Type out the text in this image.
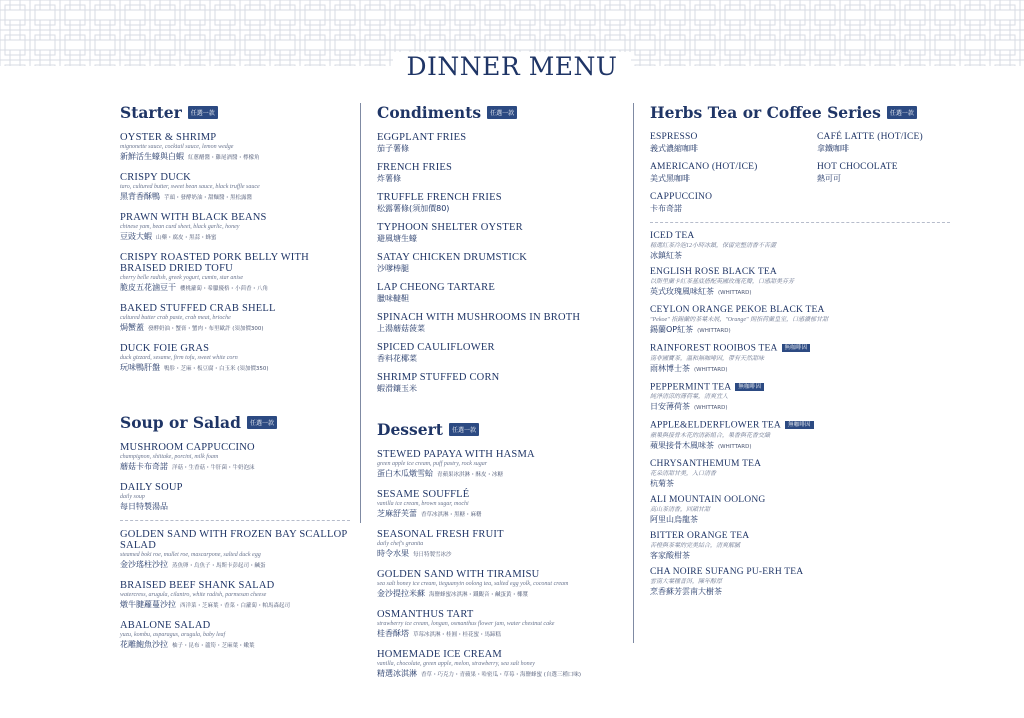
DINNER MENU
Starter	任選一款
OYSTER & SHRIMP
mignonette sauce, cocktail sauce, lemon wedge
新鮮活生蠔與白蝦 紅蔥醋醬・雞尾酒醬・檸檬角
CRISPY DUCK
taro, cultured butter, sweet bean sauce, black truffle sauce
黑背香酥鴨 芋頭・發酵奶油・甜麵醬・黑松露醬
PRAWN WITH BLACK BEANS
chinese yam, bean curd sheet, black garlic, honey
豆豉大蝦 山藥・腐皮・黑蒜・蜂蜜
CRISPY ROASTED PORK BELLY WITH BRAISED DRIED TOFU
cherry belle radish, greek yogurt, cumin, star anise
脆皮五花滷豆干 櫻桃蘿蔔・希臘優格・小茴香・八角
BAKED STUFFED CRAB SHELL
cultured butter crab paste, crab meat, brioche
焗蟹蓋 發酵奶油・蟹膏・蟹肉・布里歐許 (須加價300)
DUCK FOIE GRAS
duck gizzard, sesame, firm tofu, sweet white corn
玩味鴨肝盤 鴨胗・芝麻・板豆腐・白玉米 (須加價350)
Soup or Salad	任選一款
MUSHROOM CAPPUCCINO
champignon, shiitake, porcini, milk foam
蘑菇卡布奇諾 洋菇・生香菇・牛肝菌・牛奶泡沫
DAILY SOUP
daily soup
每日特製湯品
GOLDEN SAND WITH FROZEN BAY SCALLOP SALAD
steamed boki roe, mullet roe, mascarpone, salted duck egg
金沙瑤柱沙拉 蒸魚卵・烏魚子・馬斯卡彭起司・鹹蛋
BRAISED BEEF SHANK SALAD
watercress, arugula, cilantro, white radish, parmesan cheese
燉牛腱蘿蔓沙拉 西洋菜・芝麻葉・香菜・白蘿蔔・帕馬森起司
ABALONE SALAD
yuzu, kombu, asparagus, arugula, baby leaf
花雕鮑魚沙拉 柚子・昆布・蘆筍・芝麻葉・嫩葉
Condiments	任選一款
EGGPLANT FRIES
茄子薯條
FRENCH FRIES
炸薯條
TRUFFLE FRENCH FRIES
松露薯條(須加價80)
TYPHOON SHELTER OYSTER
避風塘生蠔
SATAY CHICKEN DRUMSTICK
沙嗲棒腿
LAP CHEONG TARTARE
臘味韃靼
SPINACH WITH MUSHROOMS IN BROTH
上湯蘑菇菠菜
SPICED CAULIFLOWER
香料花椰菜
SHRIMP STUFFED CORN
蝦滑鑲玉米
Dessert	任選一款
STEWED PAPAYA WITH HASMA
green apple ice cream, puff pastry, rock sugar
蛋白木瓜燉雪蛤 青蘋果冰淇淋・酥皮・冰糖
SESAME SOUFFLÉ
vanilla ice cream, brown sugar, mochi
芝麻舒芙蕾 香草冰淇淋・黑糖・麻糬
SEASONAL FRESH FRUIT
daily chef's granita
時令水果 每日特製雪冰沙
GOLDEN SAND WITH TIRAMISU
sea salt honey ice cream, tieguanyin oolong tea, salted egg yolk, coconut cream
金沙提拉米蘇 海鹽蜂蜜冰淇淋・鐵觀音・鹹蛋黃・椰漿
OSMANTHUS TART
strawberry ice cream, longan, osmanthus flower jam, water chestnut cake
桂香酥塔 草莓冰淇淋・桂圓・桂花蜜・馬蹄糕
HOMEMADE ICE CREAM
vanilla, chocolate, green apple, melon, strawberry, sea salt honey
精選冰淇淋 香草・巧克力・青蘋果・哈密瓜・草莓・海鹽蜂蜜 (自選三種口味)
Herbs Tea or Coffee Series	任選一款
ESPRESSO
義式濃縮咖啡
CAFÉ LATTE (HOT/ICE)
拿鐵咖啡
AMERICANO (HOT/ICE)
美式黑咖啡
HOT CHOCOLATE
熱可可
CAPPUCCINO
卡布奇諾
ICED TEA
精選紅茶冷泡12小時冰鎮，保留完整清香不苦澀
冰鎮紅茶
ENGLISH ROSE BLACK TEA
以斯里蘭卡紅茶基底搭配英國玫瑰花瓣，口感甜美芬芳
英式玫瑰風味紅茶 (WHITTARD)
CEYLON ORANGE PEKOE BLACK TEA
"Pekoe" 指錫蘭的茶葉未展，"Orange" 則指荷蘭皇室，口感濃郁甘甜
錫蘭OP紅茶 (WHITTARD)
RAINFOREST ROOIBOS TEA 無咖啡因
南非國寶茶，溫和無咖啡因，帶有天然甜味
雨林博士茶 (WHITTARD)
PEPPERMINT TEA 無咖啡因
純淨清涼的薄荷葉，清爽宜人
日安薄荷茶 (WHITTARD)
APPLE&ELDERFLOWER TEA 無咖啡因
蘋果與接骨木花的清新組合，果香與花香交織
蘋果接骨木風味茶 (WHITTARD)
CHRYSANTHEMUM TEA
花朵清甜甘美，入口清香
杭菊茶
ALI MOUNTAIN OOLONG
高山茶清香，回韻甘甜
阿里山烏龍茶
BITTER ORANGE TEA
苦橙與茶葉的完美結合，清爽解膩
客家酸柑茶
CHA NOIRE SUFANG PU-ERH TEA
雲南大葉種普洱，陳年醇厚
烹香蘇芳雲南大樹茶
